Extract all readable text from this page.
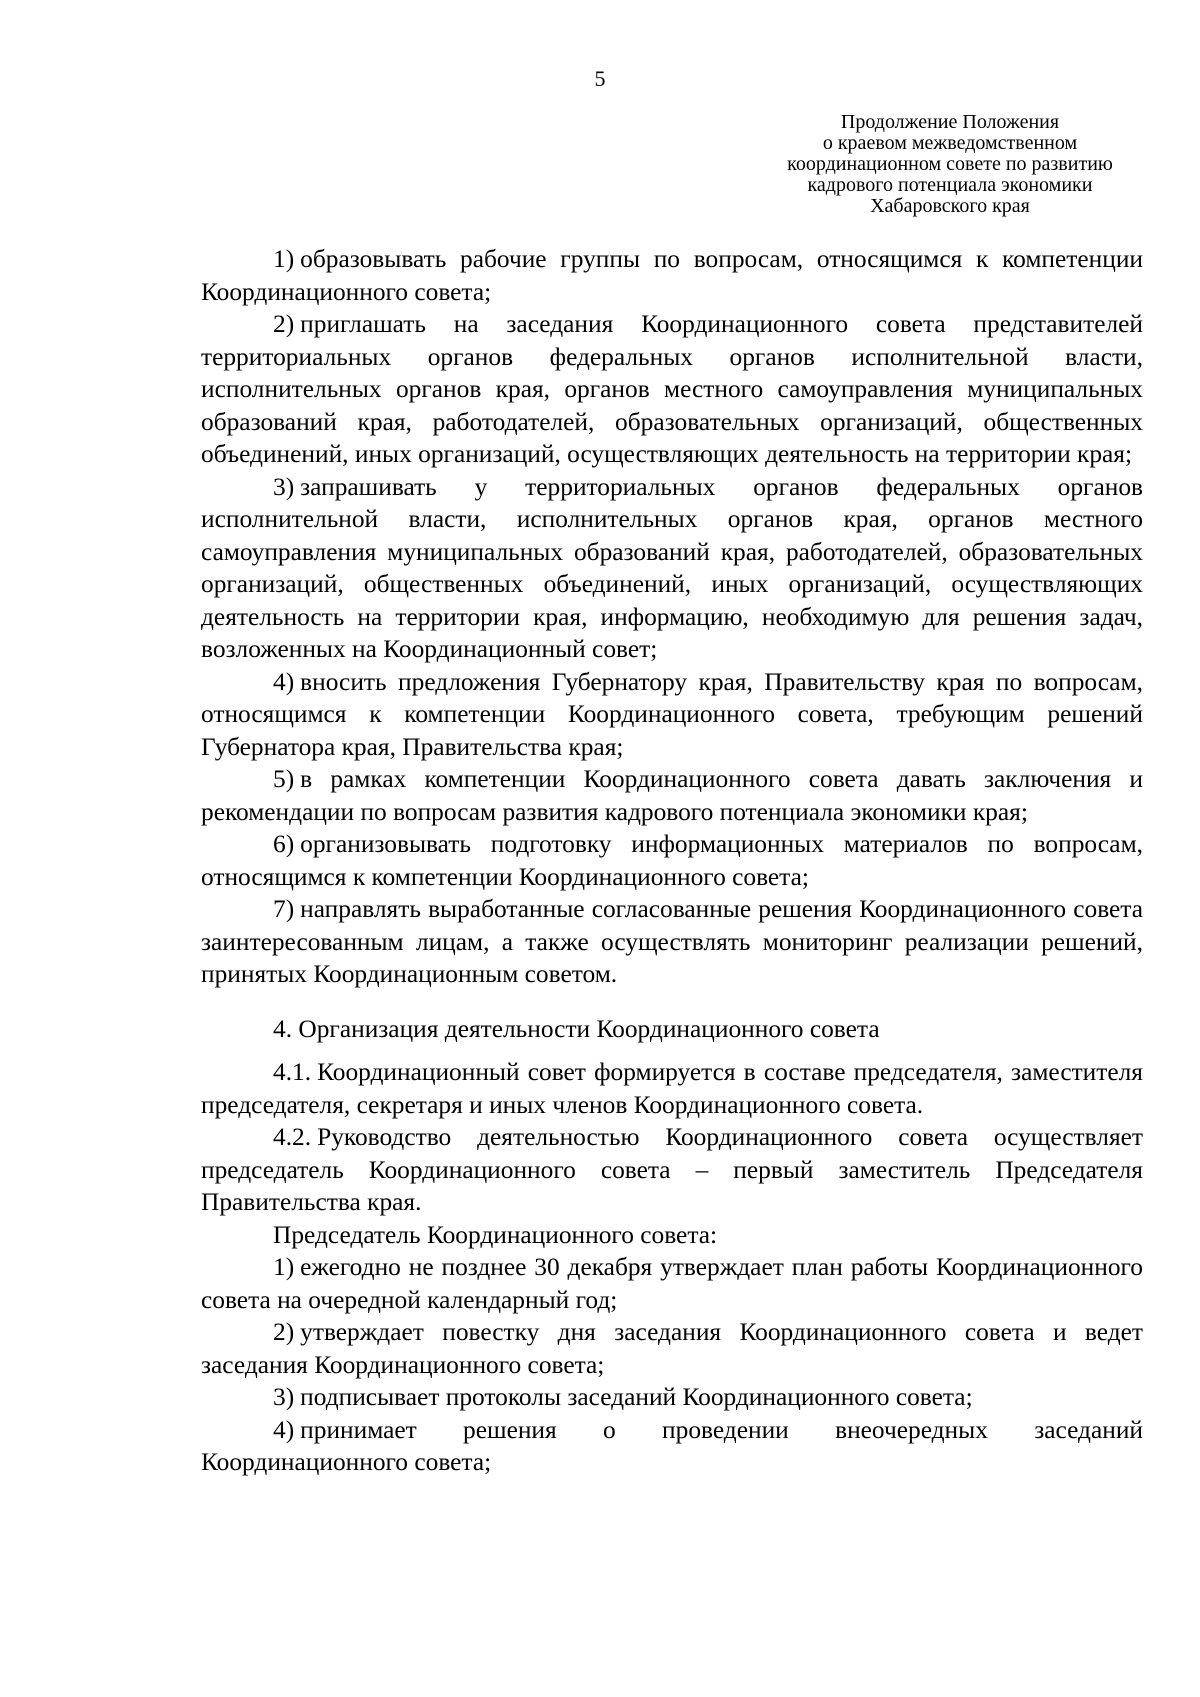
5
Продолжение Положения
о краевом межведомственном
координационном совете по развитию
кадрового потенциала экономики
Хабаровского края

1) образовывать рабочие группы по вопросам, относящимся к компетенции Координационного совета;

2) приглашать на заседания Координационного совета представителей территориальных органов федеральных органов исполнительной власти, исполнительных органов края, органов местного самоуправления муниципальных образований края, работодателей, образовательных организаций, общественных объединений, иных организаций, осуществляющих деятельность на территории края;

3) запрашивать у территориальных органов федеральных органов исполнительной власти, исполнительных органов края, органов местного самоуправления муниципальных образований края, работодателей, образовательных организаций, общественных объединений, иных организаций, осуществляющих деятельность на территории края, информацию, необходимую для решения задач, возложенных на Координационный совет;

4) вносить предложения Губернатору края, Правительству края по вопросам, относящимся к компетенции Координационного совета, требующим решений Губернатора края, Правительства края;

5) в рамках компетенции Координационного совета давать заключения и рекомендации по вопросам развития кадрового потенциала экономики края;

6) организовывать подготовку информационных материалов по вопросам, относящимся к компетенции Координационного совета;

7) направлять выработанные согласованные решения Координационного совета заинтересованным лицам, а также осуществлять мониторинг реализации решений, принятых Координационным советом.

4. Организация деятельности Координационного совета

4.1. Координационный совет формируется в составе председателя, заместителя председателя, секретаря и иных членов Координационного совета.

4.2. Руководство деятельностью Координационного совета осуществляет председатель Координационного совета – первый заместитель Председателя Правительства края.

Председатель Координационного совета:

1) ежегодно не позднее 30 декабря утверждает план работы Координационного совета на очередной календарный год;

2) утверждает повестку дня заседания Координационного совета и ведет заседания Координационного совета;

3) подписывает протоколы заседаний Координационного совета;

4) принимает решения о проведении внеочередных заседаний Координационного совета;
